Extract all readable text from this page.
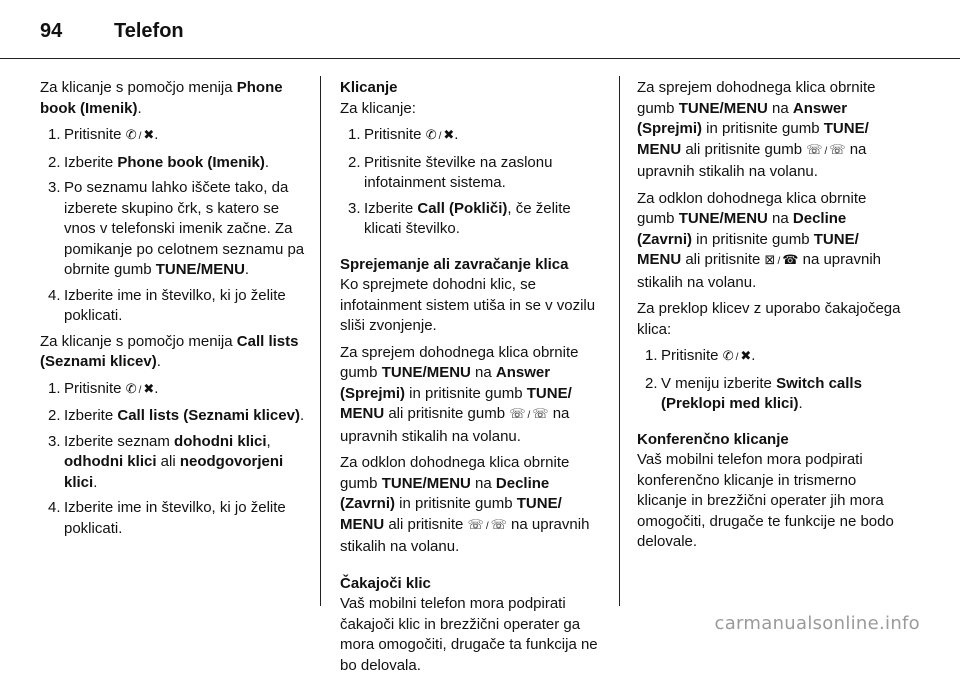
94	Telefon

Za klicanje s pomočjo menija Phone book (Imenik).

1. Pritisnite ✆ / ✖.
2. Izberite Phone book (Imenik).
3. Po seznamu lahko iščete tako, da izberete skupino črk, s katero se vnos v telefonski imenik začne. Za pomikanje po celotnem seznamu pa obrnite gumb TUNE/MENU.
4. Izberite ime in številko, ki jo želite poklicati.

Za klicanje s pomočjo menija Call lists (Seznami klicev).

1. Pritisnite ✆ / ✖.
2. Izberite Call lists (Seznami klicev).
3. Izberite seznam dohodni klici, odhodni klici ali neodgovorjeni klici.
4. Izberite ime in številko, ki jo želite poklicati.
Klicanje

Za klicanje:

1. Pritisnite ✆ / ✖.
2. Pritisnite številke na zaslonu infotainment sistema.
3. Izberite Call (Pokliči), če želite klicati številko.
Sprejemanje ali zavračanje klica

Ko sprejmete dohodni klic, se infotainment sistem utiša in se v vozilu sliši zvonjenje.

Za sprejem dohodnega klica obrnite gumb TUNE/MENU na Answer (Sprejmi) in pritisnite gumb TUNE/ MENU ali pritisnite gumb ☏ / ☏ na upravnih stikalih na volanu.

Za odklon dohodnega klica obrnite gumb TUNE/MENU na Decline (Zavrni) in pritisnite gumb TUNE/ MENU ali pritisnite ☏ / ☏ na upravnih stikalih na volanu.

Čakajoči klic

Vaš mobilni telefon mora podpirati čakajoči klic in brezžični operater ga mora omogočiti, drugače ta funkcija ne bo delovala.

Za sprejem dohodnega klica obrnite gumb TUNE/MENU na Answer (Sprejmi) in pritisnite gumb TUNE/ MENU ali pritisnite gumb ☏ / ☏ na upravnih stikalih na volanu.

Za odklon dohodnega klica obrnite gumb TUNE/MENU na Decline (Zavrni) in pritisnite gumb TUNE/ MENU ali pritisnite ⊠ / ☎ na upravnih stikalih na volanu.

Za preklop klicev z uporabo čakajočega klica:

1. Pritisnite ✆ / ✖.
2. V meniju izberite Switch calls (Preklopi med klici).
Konferenčno klicanje

Vaš mobilni telefon mora podpirati konferenčno klicanje in trismerno klicanje in brezžični operater jih mora omogočiti, drugače te funkcije ne bodo delovale.

carmanualsonline.info
